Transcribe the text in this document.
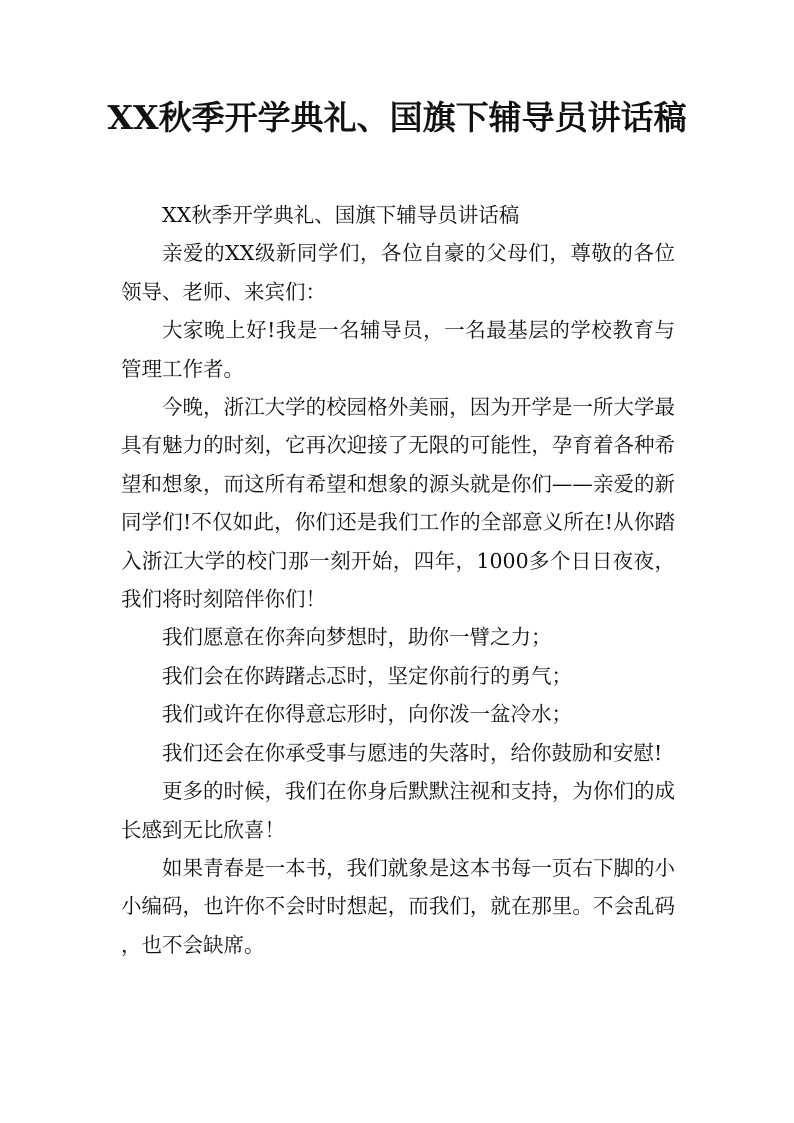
XX秋季开学典礼、国旗下辅导员讲话稿

XX秋季开学典礼、国旗下辅导员讲话稿

亲爱的XX级新同学们，各位自豪的父母们，尊敬的各位领导、老师、来宾们：

大家晚上好!我是一名辅导员，一名最基层的学校教育与管理工作者。

今晚，浙江大学的校园格外美丽，因为开学是一所大学最具有魅力的时刻，它再次迎接了无限的可能性，孕育着各种希望和想象，而这所有希望和想象的源头就是你们——亲爱的新同学们!不仅如此，你们还是我们工作的全部意义所在!从你踏入浙江大学的校门那一刻开始，四年，1000多个日日夜夜，我们将时刻陪伴你们！

我们愿意在你奔向梦想时，助你一臂之力；

我们会在你踌躇忐忑时，坚定你前行的勇气；

我们或许在你得意忘形时，向你泼一盆冷水；

我们还会在你承受事与愿违的失落时，给你鼓励和安慰!

更多的时候，我们在你身后默默注视和支持，为你们的成长感到无比欣喜！

如果青春是一本书，我们就象是这本书每一页右下脚的小小编码，也许你不会时时想起，而我们，就在那里。不会乱码，也不会缺席。
